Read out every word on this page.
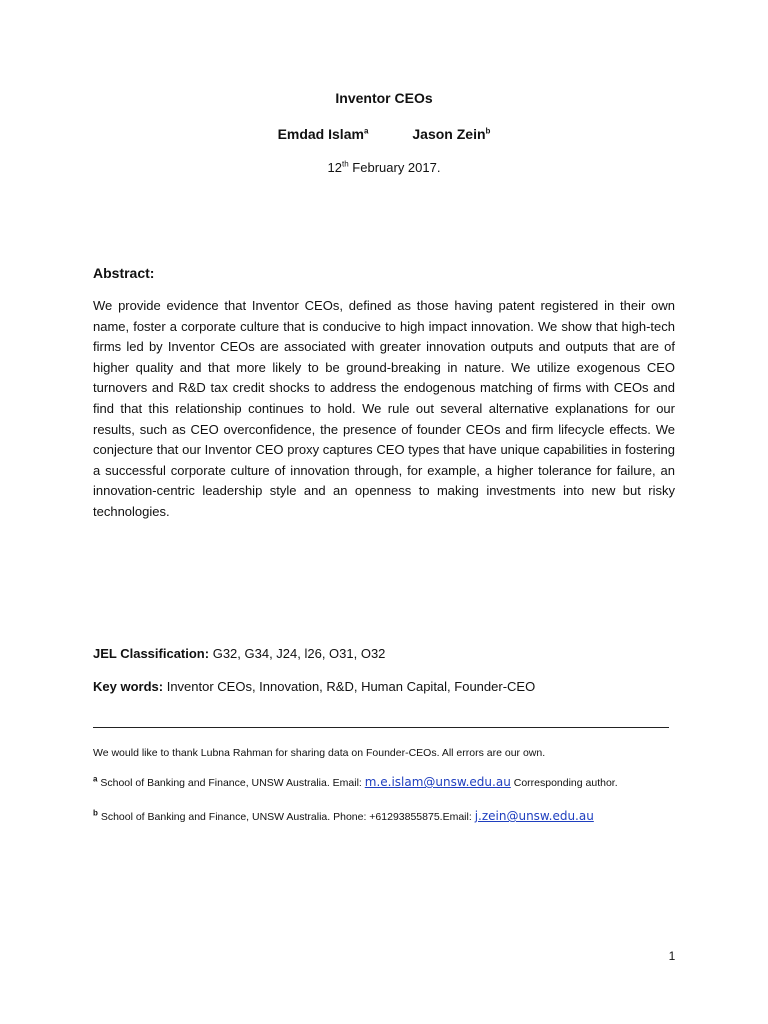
Inventor CEOs
Emdad Islam$^a$	Jason Zein$^b$
12th February 2017.
Abstract:
We provide evidence that Inventor CEOs, defined as those having patent registered in their own name, foster a corporate culture that is conducive to high impact innovation. We show that high-tech firms led by Inventor CEOs are associated with greater innovation outputs and outputs that are of higher quality and that more likely to be ground-breaking in nature. We utilize exogenous CEO turnovers and R&D tax credit shocks to address the endogenous matching of firms with CEOs and find that this relationship continues to hold. We rule out several alternative explanations for our results, such as CEO overconfidence, the presence of founder CEOs and firm lifecycle effects. We conjecture that our Inventor CEO proxy captures CEO types that have unique capabilities in fostering a successful corporate culture of innovation through, for example, a higher tolerance for failure, an innovation-centric leadership style and an openness to making investments into new but risky technologies.
JEL Classification: G32, G34, J24, l26, O31, O32
Key words: Inventor CEOs, Innovation, R&D, Human Capital, Founder-CEO
We would like to thank Lubna Rahman for sharing data on Founder-CEOs. All errors are our own.
$^a$ School of Banking and Finance, UNSW Australia. Email: m.e.islam@unsw.edu.au Corresponding author.
$^b$ School of Banking and Finance, UNSW Australia. Phone: +61293855875.Email: j.zein@unsw.edu.au
1
